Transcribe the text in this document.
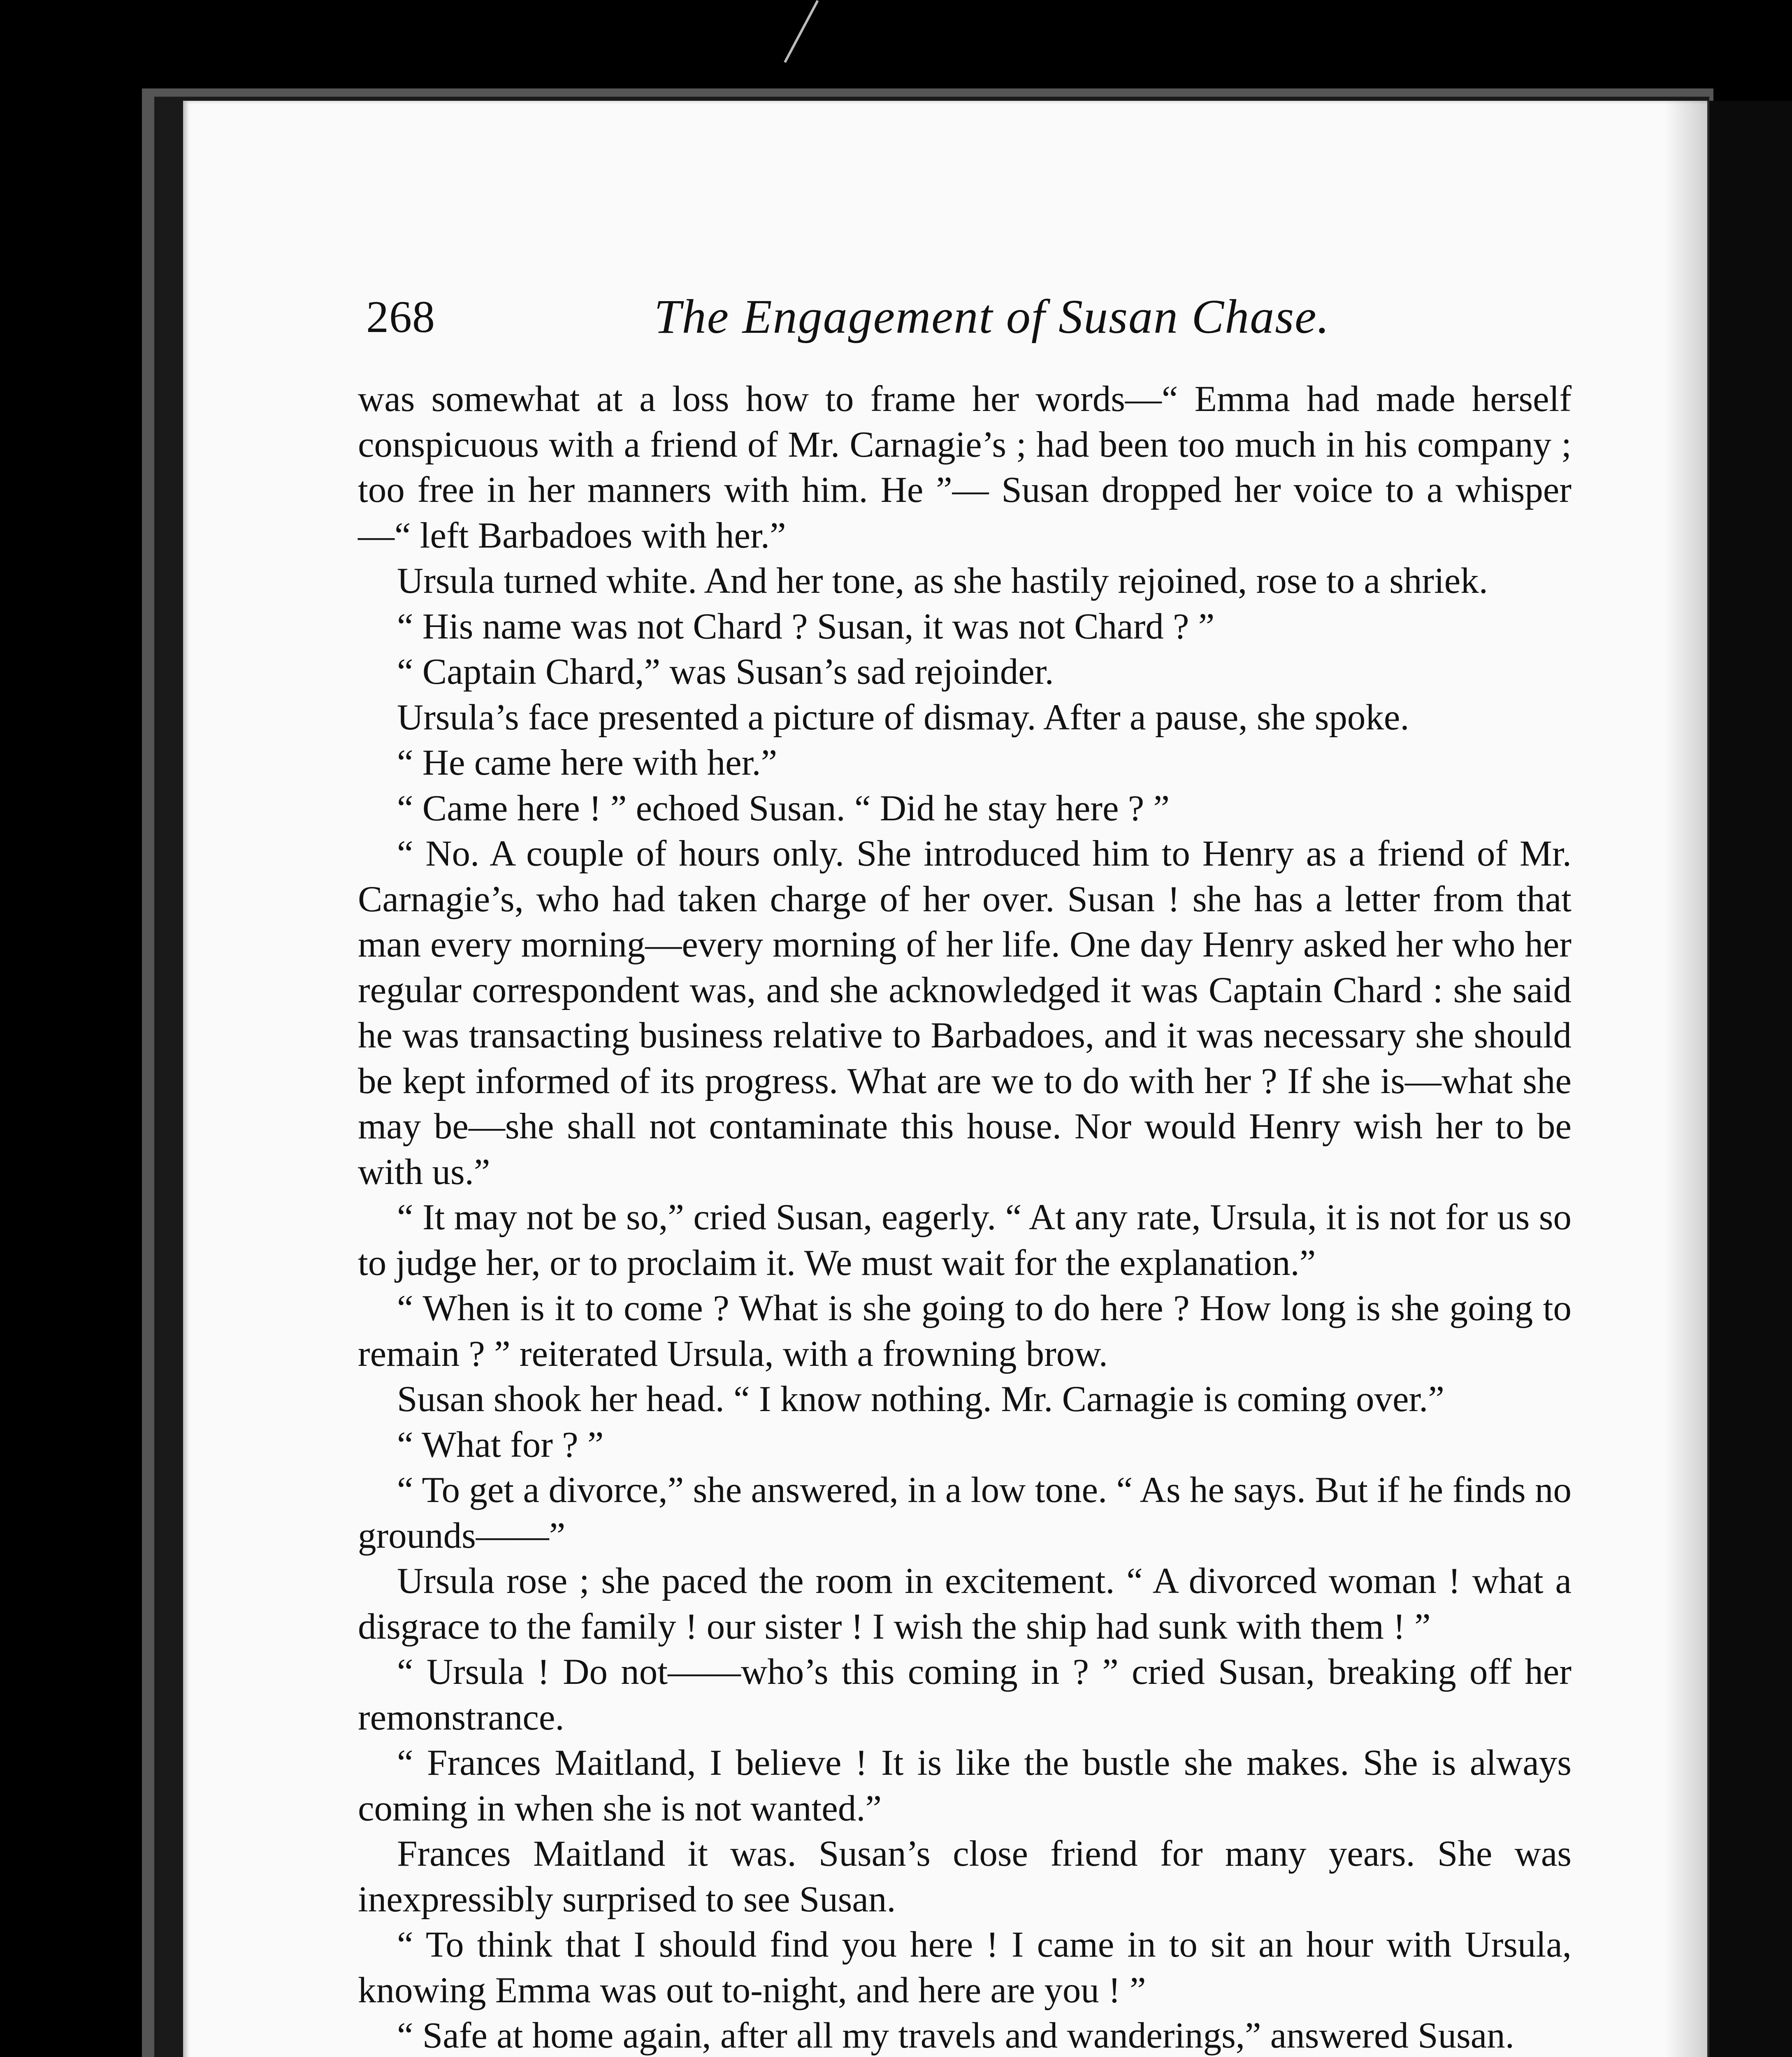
268	The Engagement of Susan Chase.

was somewhat at a loss how to frame her words—“ Emma had made herself conspicuous with a friend of Mr. Carnagie’s ; had been too much in his company ; too free in her manners with him. He ”— Susan dropped her voice to a whisper—“ left Barbadoes with her.”

Ursula turned white. And her tone, as she hastily rejoined, rose to a shriek.

“ His name was not Chard ? Susan, it was not Chard ? ”

“ Captain Chard,” was Susan’s sad rejoinder.

Ursula’s face presented a picture of dismay. After a pause, she spoke.

“ He came here with her.”

“ Came here ! ” echoed Susan. “ Did he stay here ? ”

“ No. A couple of hours only. She introduced him to Henry as a friend of Mr. Carnagie’s, who had taken charge of her over. Susan ! she has a letter from that man every morning—every morning of her life. One day Henry asked her who her regular correspondent was, and she acknowledged it was Captain Chard : she said he was transacting business relative to Barbadoes, and it was necessary she should be kept informed of its progress. What are we to do with her ? If she is—what she may be—she shall not contaminate this house. Nor would Henry wish her to be with us.”

“ It may not be so,” cried Susan, eagerly. “ At any rate, Ursula, it is not for us so to judge her, or to proclaim it. We must wait for the explanation.”

“ When is it to come ? What is she going to do here ? How long is she going to remain ? ” reiterated Ursula, with a frowning brow.

Susan shook her head. “ I know nothing. Mr. Carnagie is coming over.”

“ What for ? ”

“ To get a divorce,” she answered, in a low tone. “ As he says. But if he finds no grounds——”

Ursula rose ; she paced the room in excitement. “ A divorced woman ! what a disgrace to the family ! our sister ! I wish the ship had sunk with them ! ”

“ Ursula ! Do not——who’s this coming in ? ” cried Susan, breaking off her remonstrance.

“ Frances Maitland, I believe ! It is like the bustle she makes. She is always coming in when she is not wanted.”

Frances Maitland it was. Susan’s close friend for many years. She was inexpressibly surprised to see Susan.

“ To think that I should find you here ! I came in to sit an hour with Ursula, knowing Emma was out to-night, and here are you ! ”

“ Safe at home again, after all my travels and wanderings,” answered Susan.
